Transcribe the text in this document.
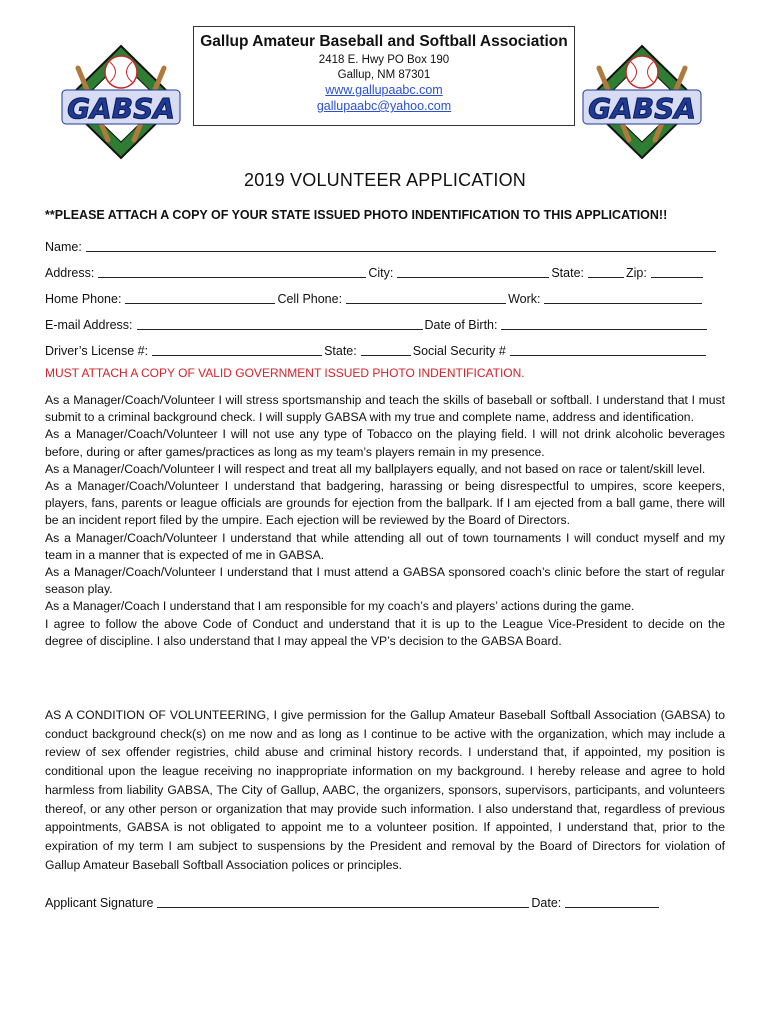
GABSA	GABSA
Gallup Amateur Baseball and Softball Association
2418 E. Hwy PO Box 190
Gallup, NM 87301
www.gallupaabc.com
gallupaabc@yahoo.com
2019 VOLUNTEER APPLICATION
**PLEASE ATTACH A COPY OF YOUR STATE ISSUED PHOTO INDENTIFICATION TO THIS APPLICATION!!
Name:
Address:	City:	State:	Zip:
Home Phone:	Cell Phone:	Work:
E-mail Address:	Date of Birth:
Driver’s License #:	State:	Social Security #
MUST ATTACH A COPY OF VALID GOVERNMENT ISSUED PHOTO INDENTIFICATION.

As a Manager/Coach/Volunteer I will stress sportsmanship and teach the skills of baseball or softball. I understand that I must submit to a criminal background check. I will supply GABSA with my true and complete name, address and identification.

As a Manager/Coach/Volunteer I will not use any type of Tobacco on the playing field. I will not drink alcoholic beverages before, during or after games/practices as long as my team’s players remain in my presence.

As a Manager/Coach/Volunteer I will respect and treat all my ballplayers equally, and not based on race or talent/skill level.

As a Manager/Coach/Volunteer I understand that badgering, harassing or being disrespectful to umpires, score keepers, players, fans, parents or league officials are grounds for ejection from the ballpark. If I am ejected from a ball game, there will be an incident report filed by the umpire. Each ejection will be reviewed by the Board of Directors.

As a Manager/Coach/Volunteer I understand that while attending all out of town tournaments I will conduct myself and my team in a manner that is expected of me in GABSA.

As a Manager/Coach/Volunteer I understand that I must attend a GABSA sponsored coach’s clinic before the start of regular season play.

As a Manager/Coach I understand that I am responsible for my coach’s and players’ actions during the game.

I agree to follow the above Code of Conduct and understand that it is up to the League Vice-President to decide on the degree of discipline. I also understand that I may appeal the VP’s decision to the GABSA Board.

AS A CONDITION OF VOLUNTEERING, I give permission for the Gallup Amateur Baseball Softball Association (GABSA) to conduct background check(s) on me now and as long as I continue to be active with the organization, which may include a review of sex offender registries, child abuse and criminal history records. I understand that, if appointed, my position is conditional upon the league receiving no inappropriate information on my background. I hereby release and agree to hold harmless from liability GABSA, The City of Gallup, AABC, the organizers, sponsors, supervisors, participants, and volunteers thereof, or any other person or organization that may provide such information. I also understand that, regardless of previous appointments, GABSA is not obligated to appoint me to a volunteer position. If appointed, I understand that, prior to the expiration of my term I am subject to suspensions by the President and removal by the Board of Directors for violation of Gallup Amateur Baseball Softball Association polices or principles.

Applicant Signature	Date:
